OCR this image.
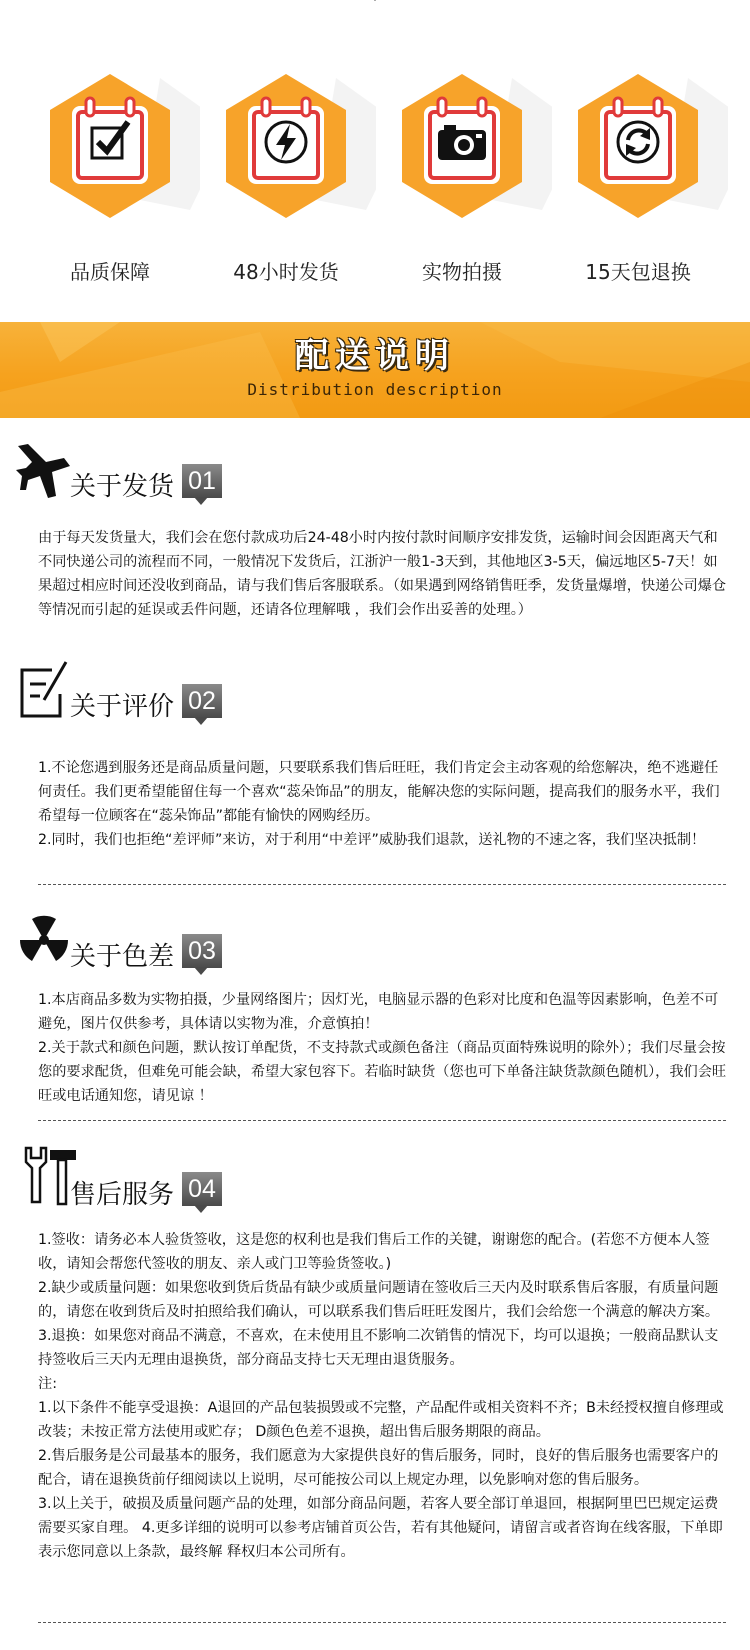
品质保障	48小时发货	实物拍摄	15天包退换
配送说明
Distribution description
关于发货 01

由于每天发货量大，我们会在您付款成功后24-48小时内按付款时间顺序安排发货，运输时间会因距离天气和不同快递公司的流程而不同，一般情况下发货后，江浙沪一般1-3天到，其他地区3-5天，偏远地区5-7天！如果超过相应时间还没收到商品，请与我们售后客服联系。（如果遇到网络销售旺季，发货量爆增，快递公司爆仓等情况而引起的延误或丢件问题，还请各位理解哦 ，我们会作出妥善的处理。）

关于评价 02

1.不论您遇到服务还是商品质量问题，只要联系我们售后旺旺，我们肯定会主动客观的给您解决，绝不逃避任何责任。我们更希望能留住每一个喜欢“蕊朵饰品”的朋友，能解决您的实际问题，提高我们的服务水平，我们希望每一位顾客在“蕊朵饰品”都能有愉快的网购经历。

2.同时，我们也拒绝“差评师”来访，对于利用“中差评”威胁我们退款，送礼物的不速之客，我们坚决抵制！

关于色差 03

1.本店商品多数为实物拍摄，少量网络图片；因灯光，电脑显示器的色彩对比度和色温等因素影响，色差不可避免，图片仅供参考，具体请以实物为准，介意慎拍！

2.关于款式和颜色问题，默认按订单配货，不支持款式或颜色备注（商品页面特殊说明的除外）；我们尽量会按您的要求配货，但难免可能会缺，希望大家包容下。若临时缺货（您也可下单备注缺货款颜色随机），我们会旺旺或电话通知您，请见谅 ！

售后服务 04

1.签收：请务必本人验货签收，这是您的权利也是我们售后工作的关键，谢谢您的配合。(若您不方便本人签收，请知会帮您代签收的朋友、亲人或门卫等验货签收。)

2.缺少或质量问题：如果您收到货后货品有缺少或质量问题请在签收后三天内及时联系售后客服，有质量问题的，请您在收到货后及时拍照给我们确认，可以联系我们售后旺旺发图片，我们会给您一个满意的解决方案。

3.退换：如果您对商品不满意，不喜欢，在未使用且不影响二次销售的情况下，均可以退换；一般商品默认支持签收后三天内无理由退换货，部分商品支持七天无理由退货服务。

注:

1.以下条件不能享受退换：A退回的产品包装损毁或不完整，产品配件或相关资料不齐；B未经授权擅自修理或改装；未按正常方法使用或贮存； D颜色色差不退换，超出售后服务期限的商品。

2.售后服务是公司最基本的服务，我们愿意为大家提供良好的售后服务，同时，良好的售后服务也需要客户的配合，请在退换货前仔细阅读以上说明，尽可能按公司以上规定办理，以免影响对您的售后服务。

3.以上关于，破损及质量问题产品的处理，如部分商品问题，若客人要全部订单退回，根据阿里巴巴规定运费 需要买家自理。 4.更多详细的说明可以参考店铺首页公告，若有其他疑问，请留言或者咨询在线客服，下单即表示您同意以上条款，最终解 释权归本公司所有。
